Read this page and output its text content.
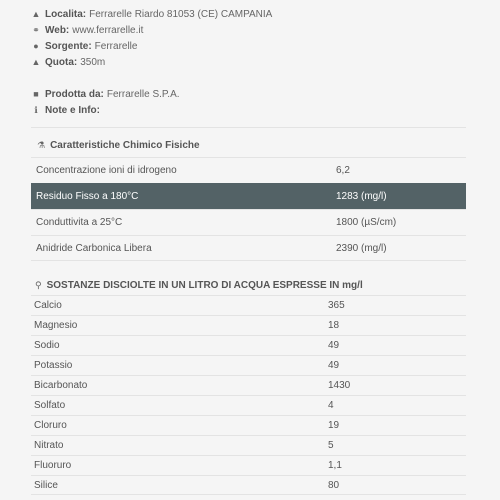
▲ Localita: Ferrarelle Riardo 81053 (CE) CAMPANIA
⚭ Web: www.ferrarelle.it
● Sorgente: Ferrarelle
▲ Quota: 350m
■ Prodotta da: Ferrarelle S.P.A.
ℹ Note e Info:
⚗ Caratteristiche Chimico Fisiche
Concentrazione ioni di idrogeno	6,2
Residuo Fisso a 180°C	1283 (mg/l)
Conduttivita a 25°C	1800 (µS/cm)
Anidride Carbonica Libera	2390 (mg/l)
⚲ SOSTANZE DISCIOLTE IN UN LITRO DI ACQUA ESPRESSE IN mg/l
Calcio	365
Magnesio	18
Sodio	49
Potassio	49
Bicarbonato	1430
Solfato	4
Cloruro	19
Nitrato	5
Fluoruro	1,1
Silice	80
